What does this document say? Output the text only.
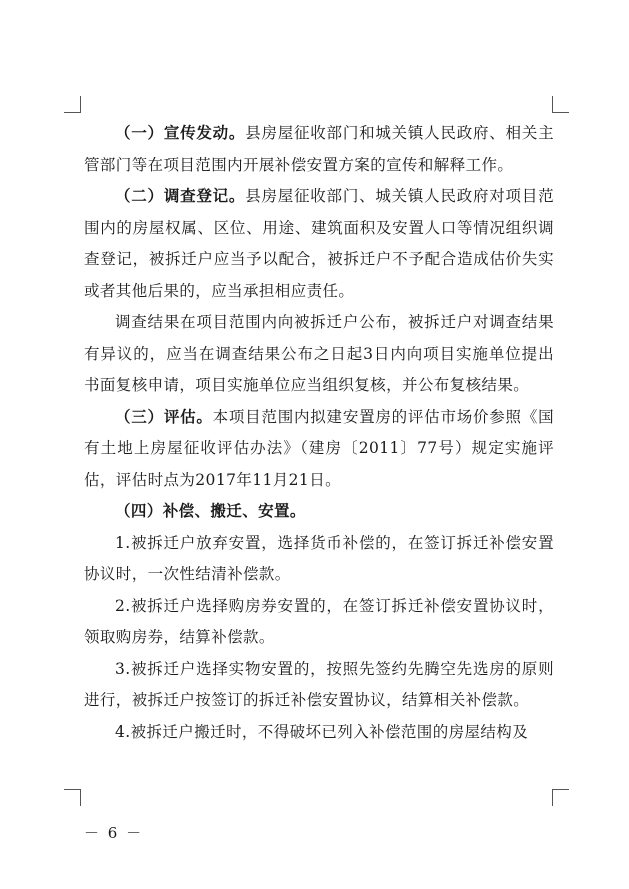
（一）宣传发动。县房屋征收部门和城关镇人民政府、相关主管部门等在项目范围内开展补偿安置方案的宣传和解释工作。

（二）调查登记。县房屋征收部门、城关镇人民政府对项目范围内的房屋权属、区位、用途、建筑面积及安置人口等情况组织调查登记，被拆迁户应当予以配合，被拆迁户不予配合造成估价失实或者其他后果的，应当承担相应责任。

调查结果在项目范围内向被拆迁户公布，被拆迁户对调查结果有异议的，应当在调查结果公布之日起3日内向项目实施单位提出书面复核申请，项目实施单位应当组织复核，并公布复核结果。

（三）评估。本项目范围内拟建安置房的评估市场价参照《国有土地上房屋征收评估办法》（建房〔2011〕77号）规定实施评估，评估时点为2017年11月21日。

（四）补偿、搬迁、安置。

1.被拆迁户放弃安置，选择货币补偿的，在签订拆迁补偿安置协议时，一次性结清补偿款。

2.被拆迁户选择购房券安置的，在签订拆迁补偿安置协议时，领取购房券，结算补偿款。

3.被拆迁户选择实物安置的，按照先签约先腾空先选房的原则进行，被拆迁户按签订的拆迁补偿安置协议，结算相关补偿款。

4.被拆迁户搬迁时，不得破坏已列入补偿范围的房屋结构及

－ 6 －
